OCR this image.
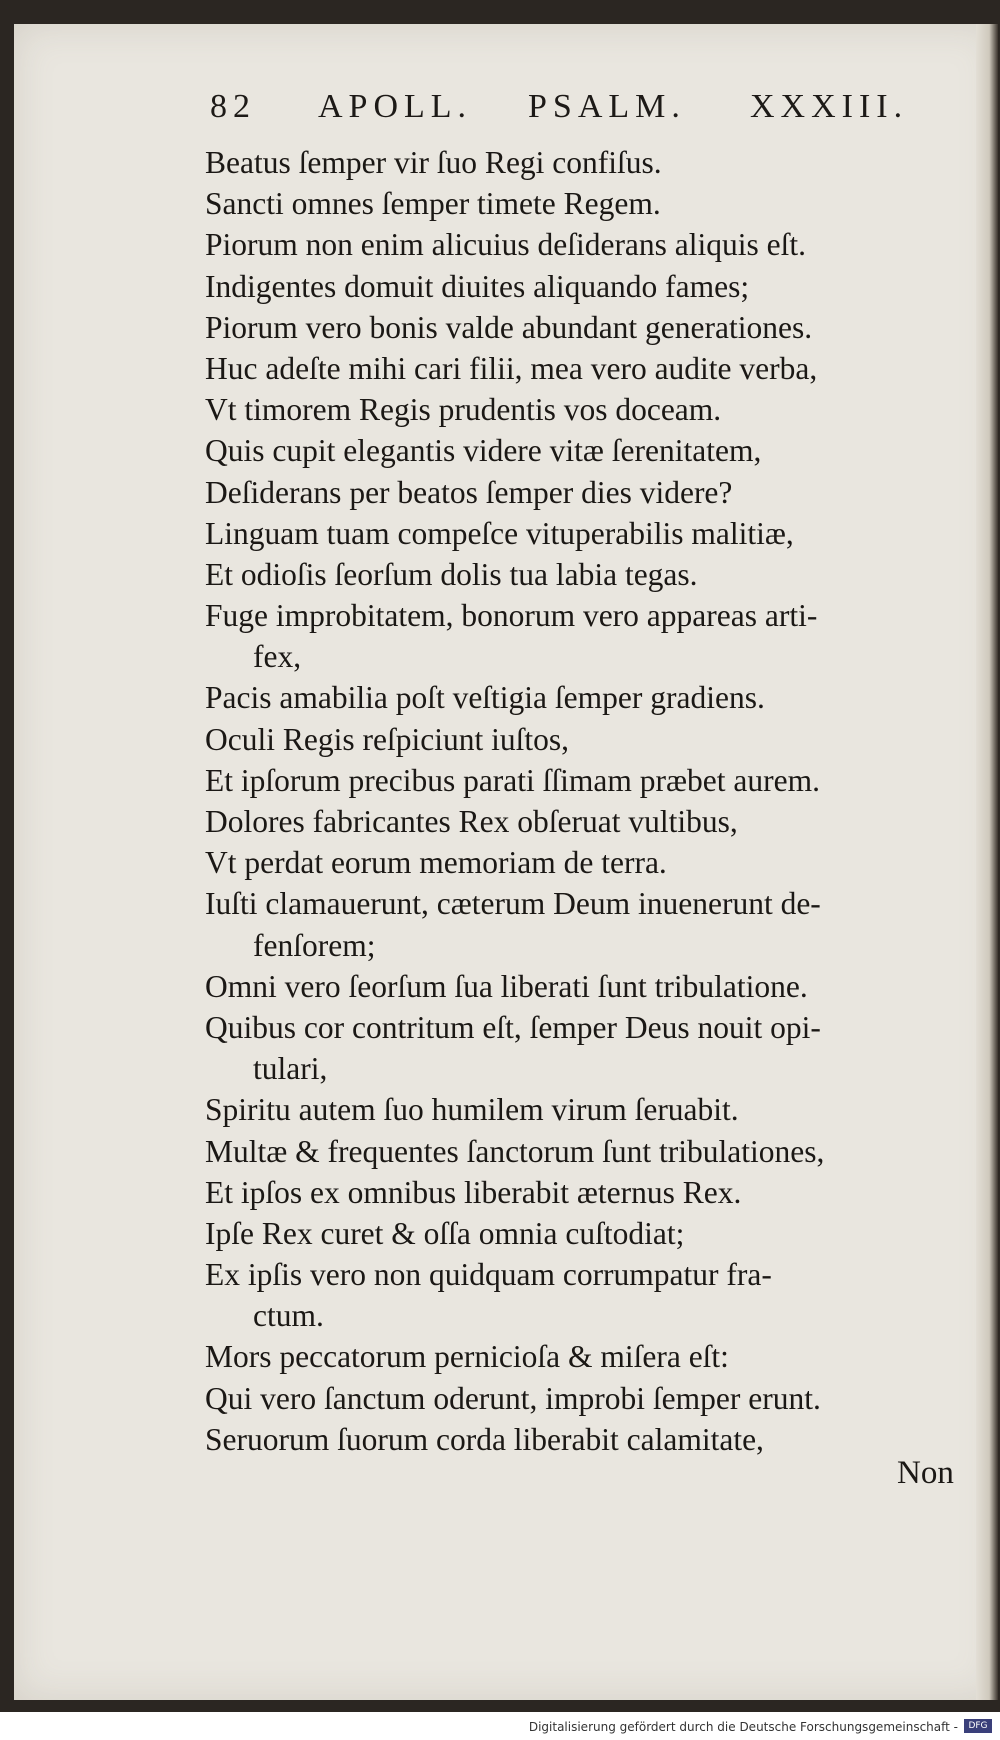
82 APOLL. PSALM. XXXIII.
Beatus ſemper vir ſuo Regi confiſus.
Sancti omnes ſemper timete Regem.
Piorum non enim alicuius deſiderans aliquis eſt.
Indigentes domuit diuites aliquando fames;
Piorum vero bonis valde abundant generationes.
Huc adeſte mihi cari filii, mea vero audite verba,
Vt timorem Regis prudentis vos doceam.
Quis cupit elegantis videre vitæ ſerenitatem,
Deſiderans per beatos ſemper dies videre?
Linguam tuam compeſce vituperabilis malitiæ,
Et odioſis ſeorſum dolis tua labia tegas.
Fuge improbitatem, bonorum vero appareas arti-
fex,
Pacis amabilia poſt veſtigia ſemper gradiens.
Oculi Regis reſpiciunt iuſtos,
Et ipſorum precibus parati ſſimam præbet aurem.
Dolores fabricantes Rex obſeruat vultibus,
Vt perdat eorum memoriam de terra.
Iuſti clamauerunt, cæterum Deum inuenerunt de-
fenſorem;
Omni vero ſeorſum ſua liberati ſunt tribulatione.
Quibus cor contritum eſt, ſemper Deus nouit opi-
tulari,
Spiritu autem ſuo humilem virum ſeruabit.
Multæ & frequentes ſanctorum ſunt tribulationes,
Et ipſos ex omnibus liberabit æternus Rex.
Ipſe Rex curet & oſſa omnia cuſtodiat;
Ex ipſis vero non quidquam corrumpatur fra-
ctum.
Mors peccatorum pernicioſa & miſera eſt:
Qui vero ſanctum oderunt, improbi ſemper erunt.
Seruorum ſuorum corda liberabit calamitate,
Non
Digitalisierung gefördert durch die Deutsche Forschungsgemeinschaft -	DFG
